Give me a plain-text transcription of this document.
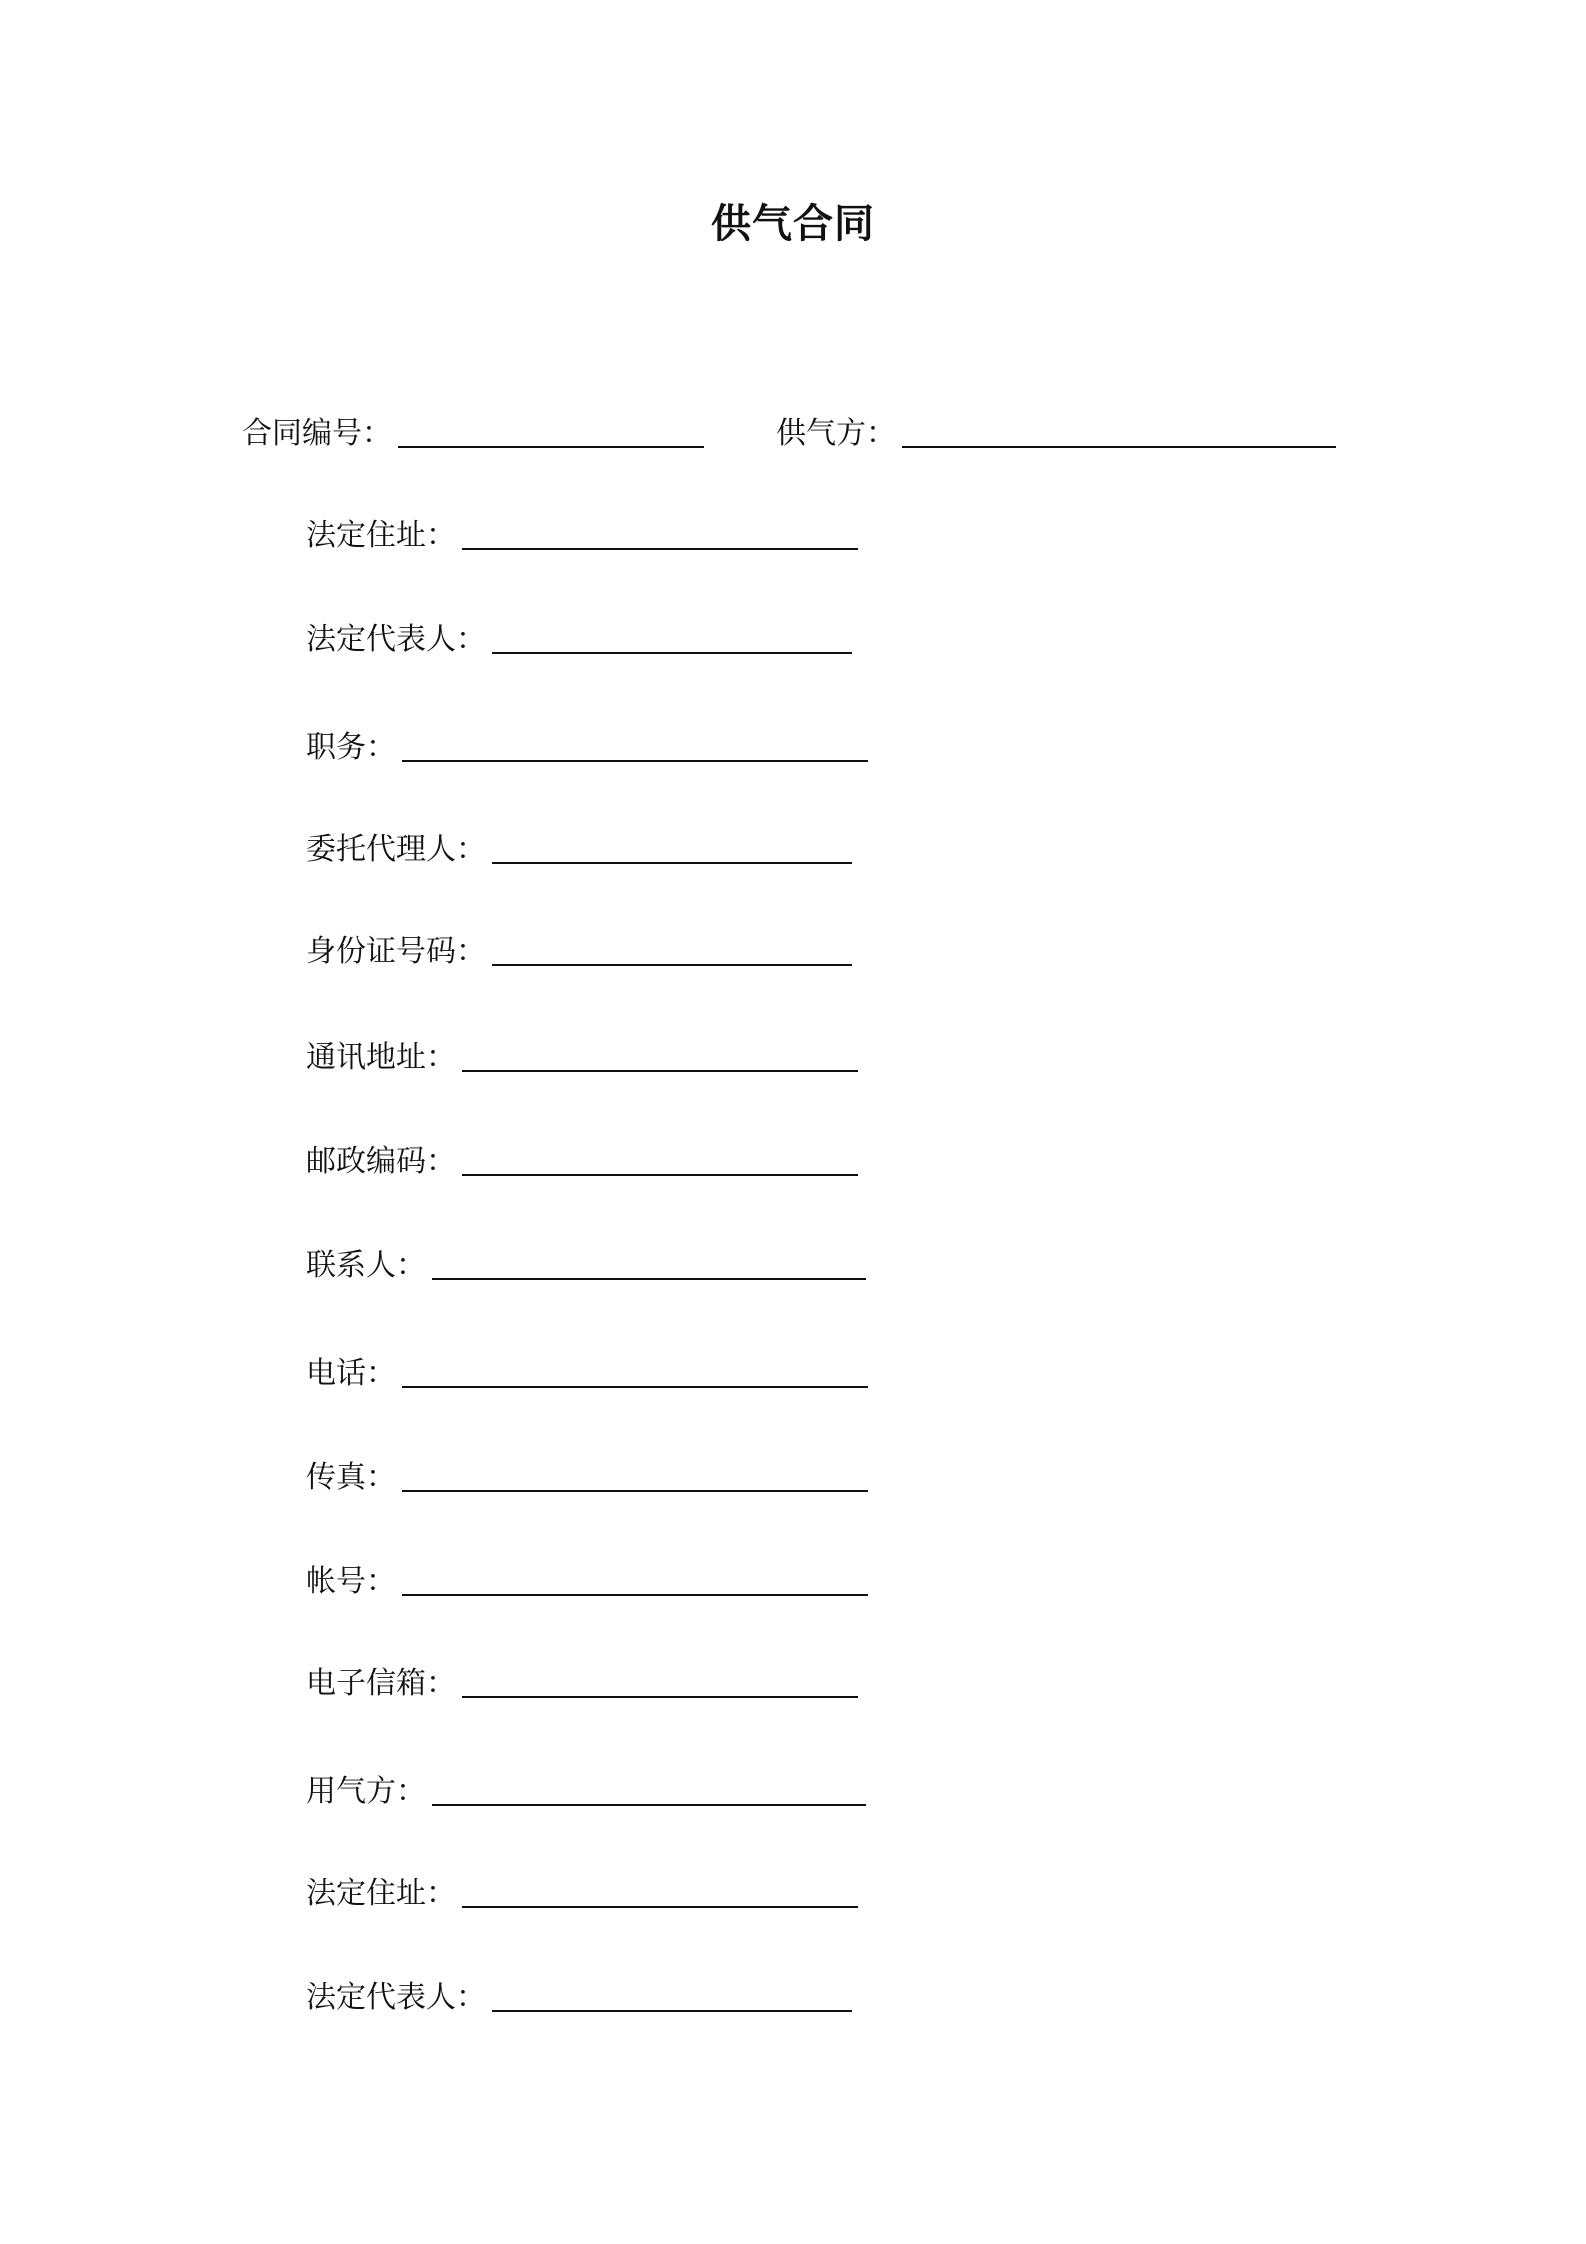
供气合同
合同编号：	供气方：
法定住址：
法定代表人：
职务：
委托代理人：
身份证号码：
通讯地址：
邮政编码：
联系人：
电话：
传真：
帐号：
电子信箱：
用气方：
法定住址：
法定代表人：
